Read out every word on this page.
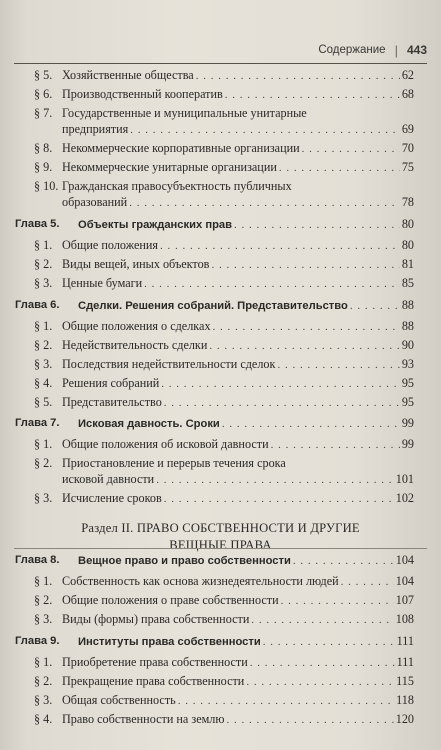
Содержание | 443
§ 5. Хозяйственные общества . . .	62
§ 6. Производственный кооператив . . .	68
§ 7. Государственные и муниципальные унитарные
предприятия . . .	69
§ 8. Некоммерческие корпоративные организации . . .	70
§ 9. Некоммерческие унитарные организации . . .	75
§ 10. Гражданская правосубъектность публичных
образований . . .	78
Глава 5. Объекты гражданских прав . . .	80
§ 1. Общие положения . . .	80
§ 2. Виды вещей, иных объектов . . .	81
§ 3. Ценные бумаги . . .	85
Глава 6. Сделки. Решения собраний. Представительство . . .	88
§ 1. Общие положения о сделках . . .	88
§ 2. Недействительность сделки . . .	90
§ 3. Последствия недействительности сделок . . .	93
§ 4. Решения собраний . . .	95
§ 5. Представительство . . .	95
Глава 7. Исковая давность. Сроки . . .	99
§ 1. Общие положения об исковой давности . . .	99
§ 2. Приостановление и перерыв течения срока
исковой давности . . .	101
§ 3. Исчисление сроков . . .	102
Раздел II. ПРАВО СОБСТВЕННОСТИ И ДРУГИЕ
ВЕЩНЫЕ ПРАВА
Глава 8. Вещное право и право собственности . . .	104
§ 1. Собственность как основа жизнедеятельности людей . . .	104
§ 2. Общие положения о праве собственности . . .	107
§ 3. Виды (формы) права собственности . . .	108
Глава 9. Институты права собственности . . .	111
§ 1. Приобретение права собственности . . .	111
§ 2. Прекращение права собственности . . .	115
§ 3. Общая собственность . . .	118
§ 4. Право собственности на землю . . .	120
